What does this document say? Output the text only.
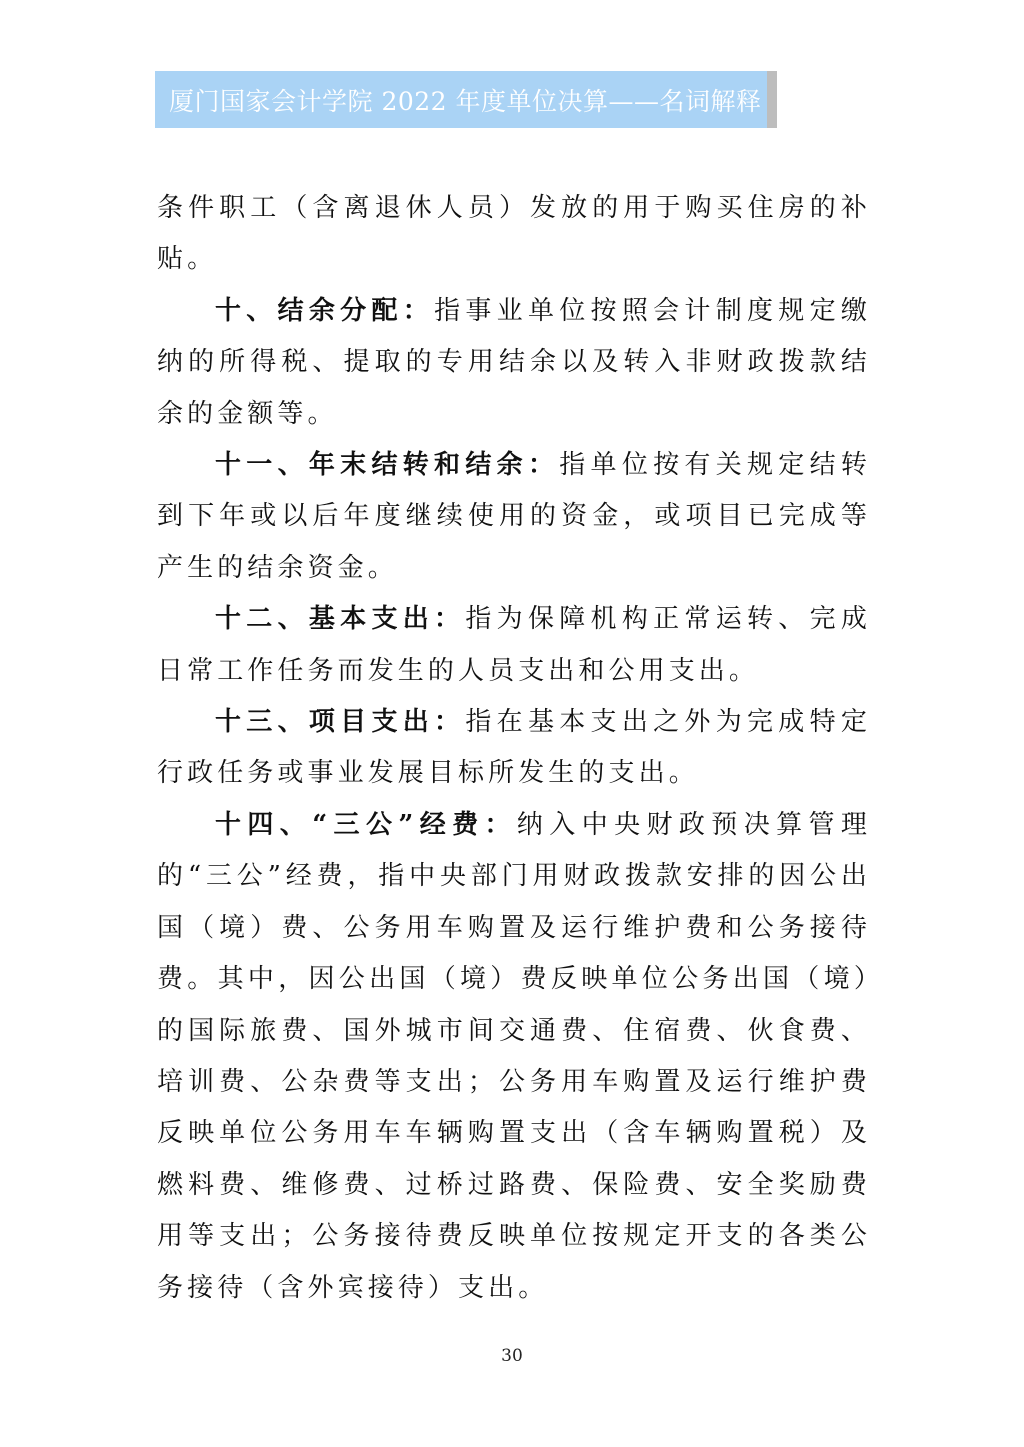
厦门国家会计学院 2022 年度单位决算——名词解释

条件职工（含离退休人员）发放的用于购买住房的补贴。

十、结余分配：指事业单位按照会计制度规定缴纳的所得税、提取的专用结余以及转入非财政拨款结余的金额等。

十一、年末结转和结余：指单位按有关规定结转到下年或以后年度继续使用的资金，或项目已完成等产生的结余资金。

十二、基本支出：指为保障机构正常运转、完成日常工作任务而发生的人员支出和公用支出。

十三、项目支出：指在基本支出之外为完成特定行政任务或事业发展目标所发生的支出。

十四、“三公”经费：纳入中央财政预决算管理的“三公”经费，指中央部门用财政拨款安排的因公出国（境）费、公务用车购置及运行维护费和公务接待费。其中，因公出国（境）费反映单位公务出国（境）的国际旅费、国外城市间交通费、住宿费、伙食费、培训费、公杂费等支出；公务用车购置及运行维护费反映单位公务用车车辆购置支出（含车辆购置税）及燃料费、维修费、过桥过路费、保险费、安全奖励费用等支出；公务接待费反映单位按规定开支的各类公务接待（含外宾接待）支出。

30
